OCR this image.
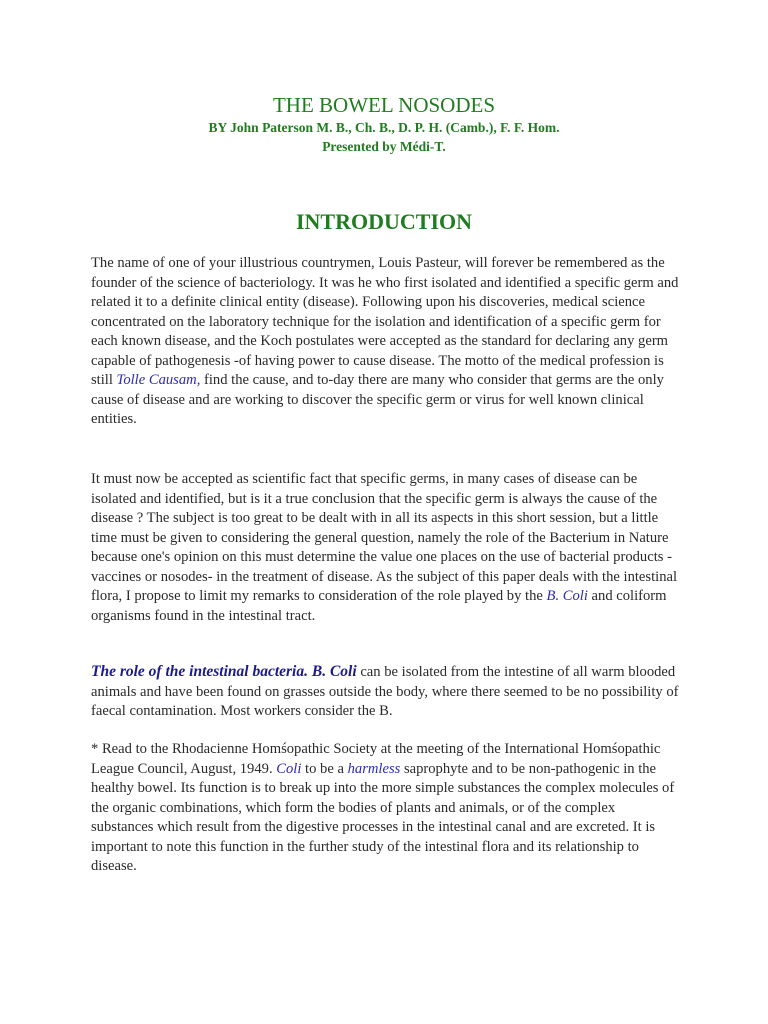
THE BOWEL NOSODES

BY John Paterson M. B., Ch. B., D. P. H. (Camb.), F. F. Hom.

Presented by Médi-T.

INTRODUCTION

The name of one of your illustrious countrymen, Louis Pasteur, will forever be remembered as the founder of the science of bacteriology. It was he who first isolated and identified a specific germ and related it to a definite clinical entity (disease). Following upon his discoveries, medical science concentrated on the laboratory technique for the isolation and identification of a specific germ for each known disease, and the Koch postulates were accepted as the standard for declaring any germ capable of pathogenesis -of having power to cause disease. The motto of the medical profession is still Tolle Causam, find the cause, and to-day there are many who consider that germs are the only cause of disease and are working to discover the specific germ or virus for well known clinical entities.

It must now be accepted as scientific fact that specific germs, in many cases of disease can be isolated and identified, but is it a true conclusion that the specific germ is always the cause of the disease ? The subject is too great to be dealt with in all its aspects in this short session, but a little time must be given to considering the general question, namely the role of the Bacterium in Nature because one's opinion on this must determine the value one places on the use of bacterial products -vaccines or nosodes- in the treatment of disease. As the subject of this paper deals with the intestinal flora, I propose to limit my remarks to consideration of the role played by the B. Coli and coliform organisms found in the intestinal tract.

The role of the intestinal bacteria. B. Coli can be isolated from the intestine of all warm blooded animals and have been found on grasses outside the body, where there seemed to be no possibility of faecal contamination. Most workers consider the B.

* Read to the Rhodacienne Homśopathic Society at the meeting of the International Homśopathic League Council, August, 1949. Coli to be a harmless saprophyte and to be non-pathogenic in the healthy bowel. Its function is to break up into the more simple substances the complex molecules of the organic combinations, which form the bodies of plants and animals, or of the complex substances which result from the digestive processes in the intestinal canal and are excreted. It is important to note this function in the further study of the intestinal flora and its relationship to disease.
